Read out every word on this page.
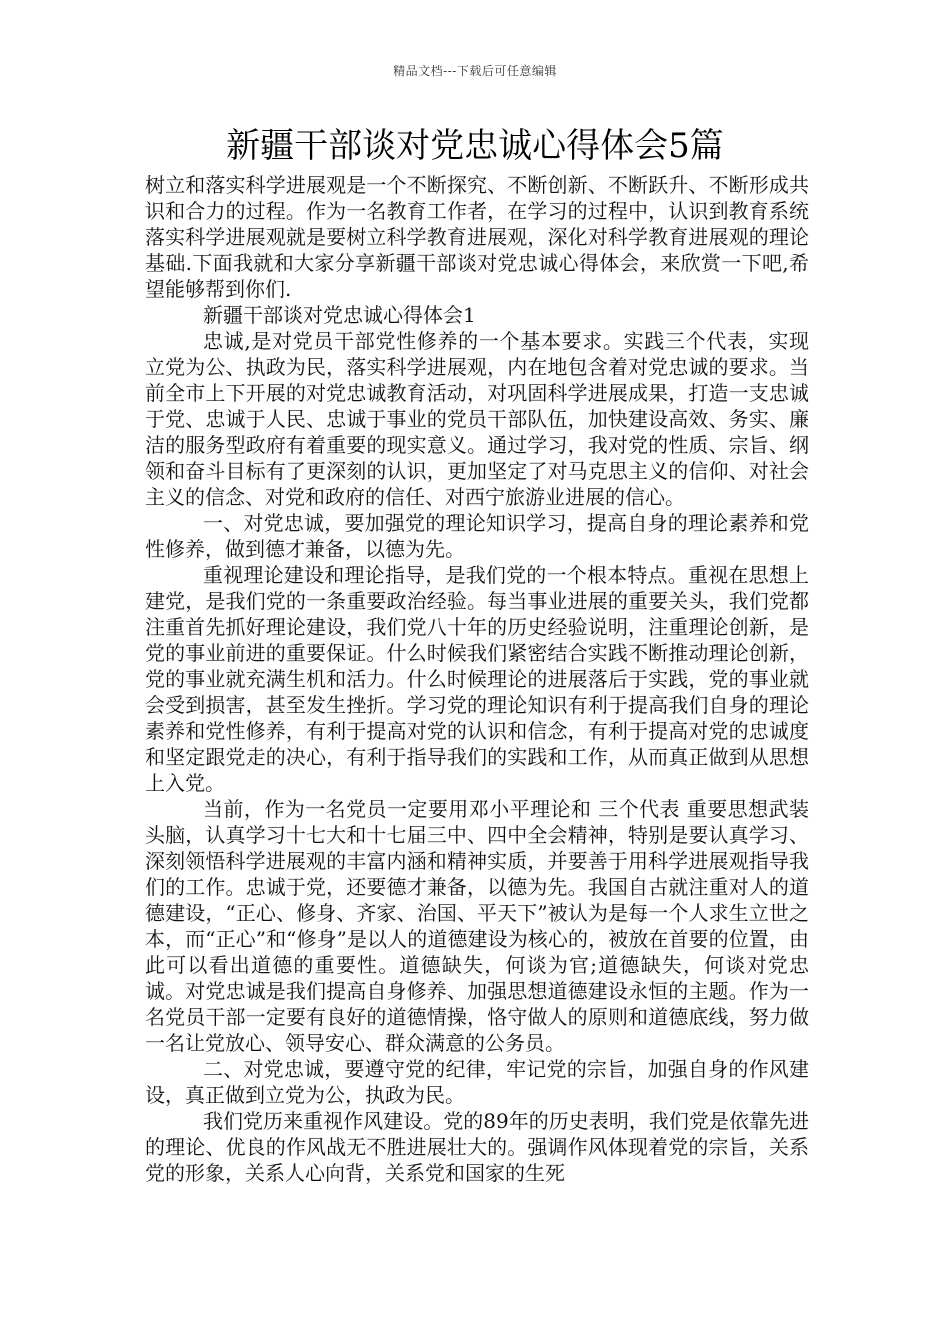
精品文档---下载后可任意编辑
新疆干部谈对党忠诚心得体会5篇

树立和落实科学进展观是一个不断探究、不断创新、不断跃升、不断形成共识和合力的过程。作为一名教育工作者，在学习的过程中，认识到教育系统落实科学进展观就是要树立科学教育进展观，深化对科学教育进展观的理论基础.下面我就和大家分享新疆干部谈对党忠诚心得体会，来欣赏一下吧,希望能够帮到你们.

新疆干部谈对党忠诚心得体会1

忠诚,是对党员干部党性修养的一个基本要求。实践三个代表，实现立党为公、执政为民，落实科学进展观，内在地包含着对党忠诚的要求。当前全市上下开展的对党忠诚教育活动，对巩固科学进展成果，打造一支忠诚于党、忠诚于人民、忠诚于事业的党员干部队伍，加快建设高效、务实、廉洁的服务型政府有着重要的现实意义。通过学习，我对党的性质、宗旨、纲领和奋斗目标有了更深刻的认识，更加坚定了对马克思主义的信仰、对社会主义的信念、对党和政府的信任、对西宁旅游业进展的信心。

一、对党忠诚，要加强党的理论知识学习，提高自身的理论素养和党性修养，做到德才兼备，以德为先。

重视理论建设和理论指导，是我们党的一个根本特点。重视在思想上建党，是我们党的一条重要政治经验。每当事业进展的重要关头，我们党都注重首先抓好理论建设，我们党八十年的历史经验说明，注重理论创新，是党的事业前进的重要保证。什么时候我们紧密结合实践不断推动理论创新，党的事业就充满生机和活力。什么时候理论的进展落后于实践，党的事业就会受到损害，甚至发生挫折。学习党的理论知识有利于提高我们自身的理论素养和党性修养，有利于提高对党的认识和信念，有利于提高对党的忠诚度和坚定跟党走的决心，有利于指导我们的实践和工作，从而真正做到从思想上入党。

当前，作为一名党员一定要用邓小平理论和 三个代表 重要思想武装头脑，认真学习十七大和十七届三中、四中全会精神，特别是要认真学习、深刻领悟科学进展观的丰富内涵和精神实质，并要善于用科学进展观指导我们的工作。忠诚于党，还要德才兼备，以德为先。我国自古就注重对人的道德建设，“正心、修身、齐家、治国、平天下”被认为是每一个人求生立世之本，而“正心”和“修身”是以人的道德建设为核心的，被放在首要的位置，由此可以看出道德的重要性。道德缺失，何谈为官;道德缺失，何谈对党忠诚。对党忠诚是我们提高自身修养、加强思想道德建设永恒的主题。作为一名党员干部一定要有良好的道德情操，恪守做人的原则和道德底线，努力做一名让党放心、领导安心、群众满意的公务员。

二、对党忠诚，要遵守党的纪律，牢记党的宗旨，加强自身的作风建设，真正做到立党为公，执政为民。

我们党历来重视作风建设。党的89年的历史表明，我们党是依靠先进的理论、优良的作风战无不胜进展壮大的。强调作风体现着党的宗旨，关系党的形象，关系人心向背，关系党和国家的生死
